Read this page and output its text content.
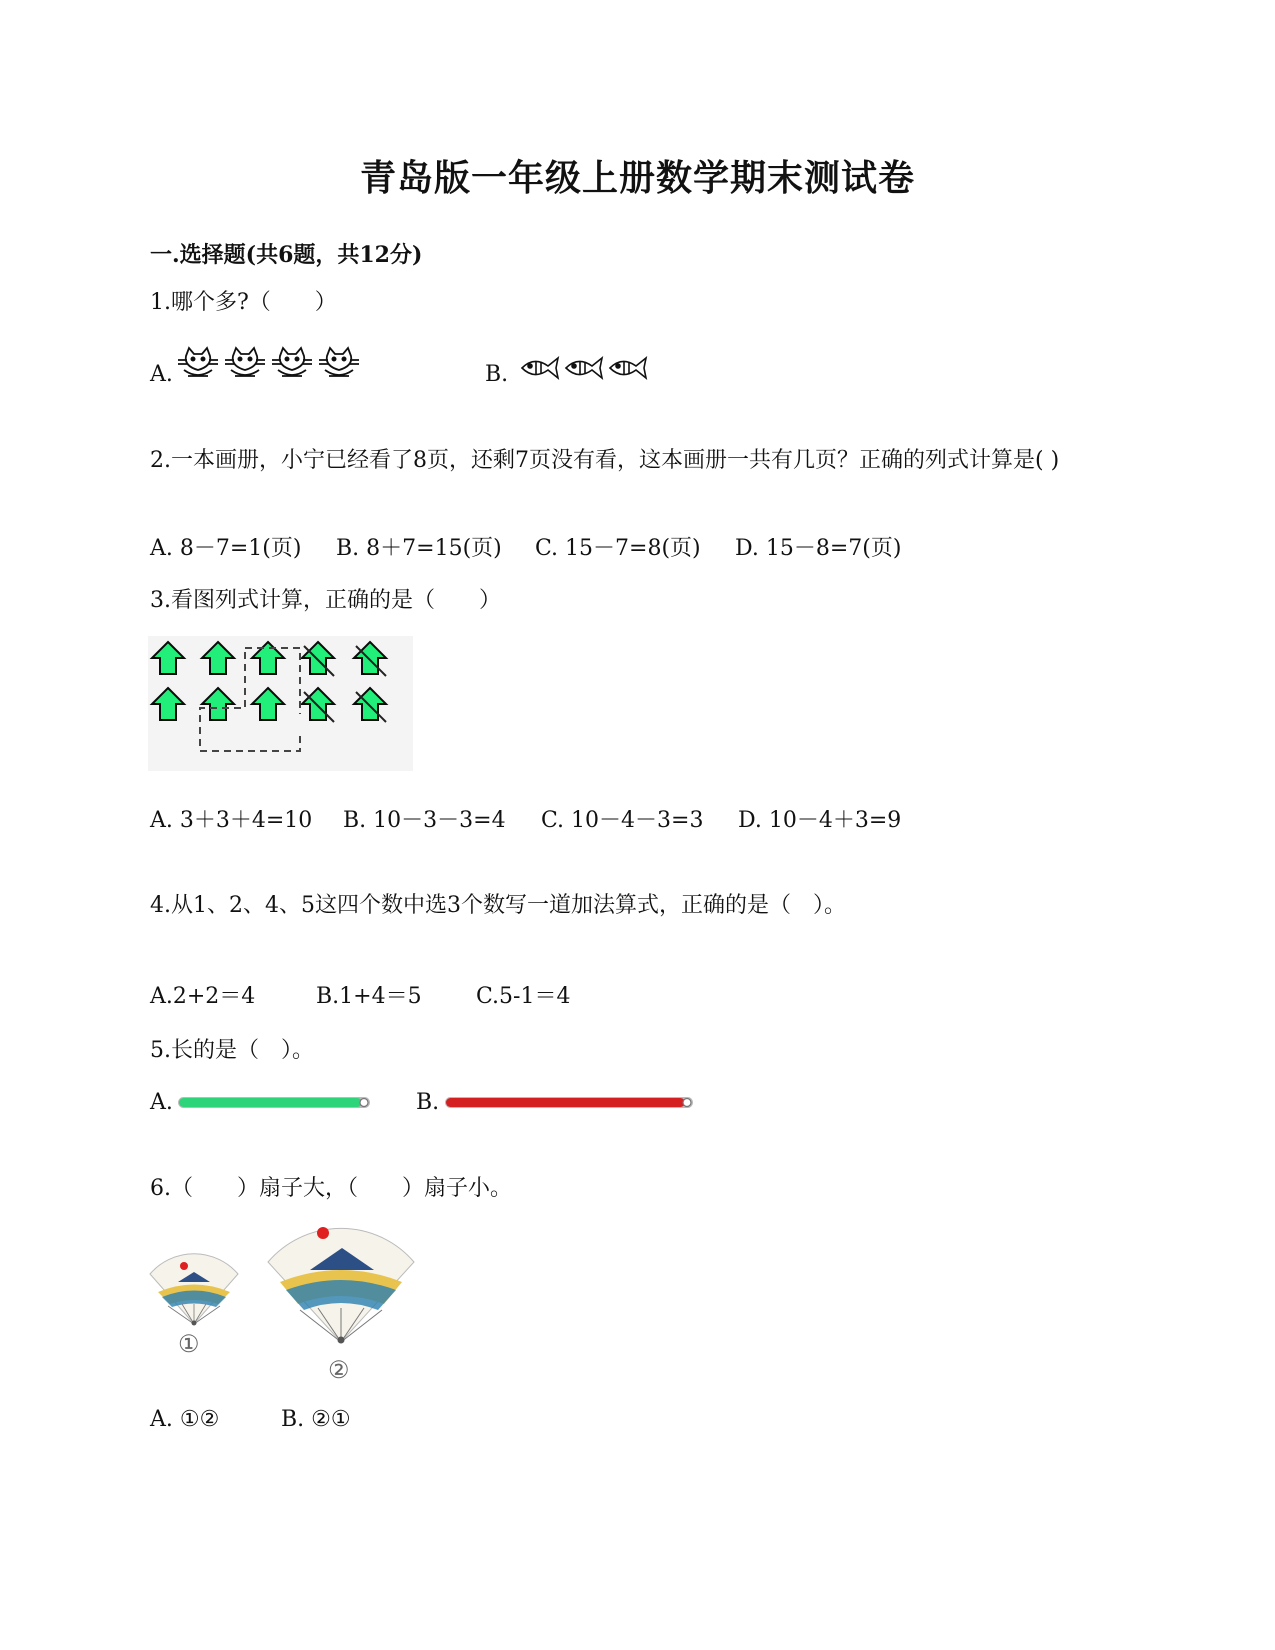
青岛版一年级上册数学期末测试卷
一.选择题(共6题，共12分)
1.哪个多?（　　）
A.	B.
2.一本画册，小宁已经看了8页，还剩7页没有看，这本画册一共有几页？正确的列式计算是( )
A. 8－7=1(页) B. 8＋7=15(页) C. 15－7=8(页) D. 15－8=7(页)
3.看图列式计算，正确的是（　　）
A. 3＋3＋4=10 B. 10－3－3=4 C. 10－4－3=3 D. 10－4＋3=9
4.从1、2、4、5这四个数中选3个数写一道加法算式，正确的是（　）。
A.2+2＝4	B.1+4＝5 C.5-1＝4
5.长的是（　）。
A.	B.
6.（　　）扇子大，（　　）扇子小。
①
②
A. ①②	B. ②①
